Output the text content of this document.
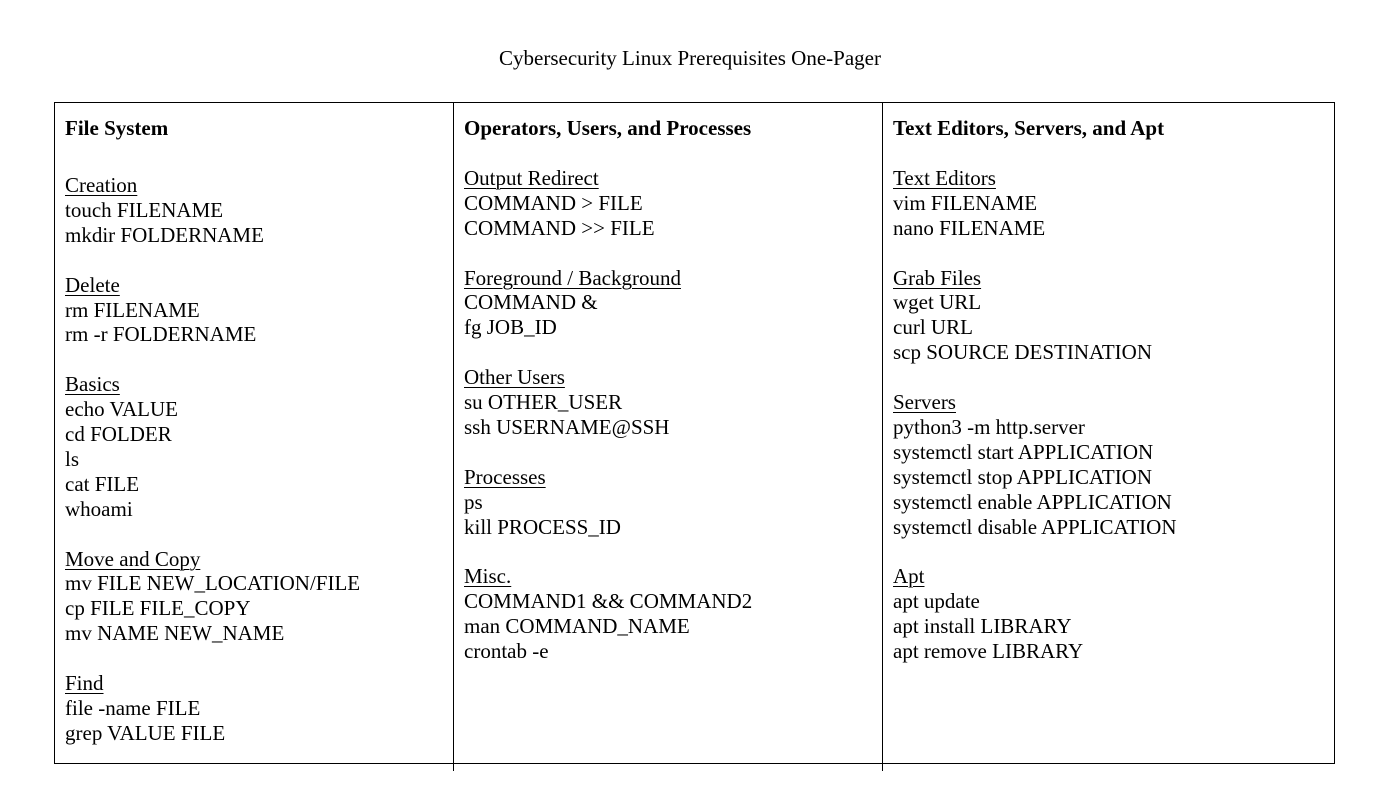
Cybersecurity Linux Prerequisites One-Pager
File System
Creation
touch FILENAME
mkdir FOLDERNAME
Delete
rm FILENAME
rm -r FOLDERNAME
Basics
echo VALUE
cd FOLDER
ls
cat FILE
whoami
Move and Copy
mv FILE NEW_LOCATION/FILE
cp FILE FILE_COPY
mv NAME NEW_NAME
Find
file -name FILE
grep VALUE FILE
Operators, Users, and Processes
Output Redirect
COMMAND > FILE
COMMAND >> FILE
Foreground / Background
COMMAND &
fg JOB_ID
Other Users
su OTHER_USER
ssh USERNAME@SSH
Processes
ps
kill PROCESS_ID
Misc.
COMMAND1 && COMMAND2
man COMMAND_NAME
crontab -e
Text Editors, Servers, and Apt
Text Editors
vim FILENAME
nano FILENAME
Grab Files
wget URL
curl URL
scp SOURCE DESTINATION
Servers
python3 -m http.server
systemctl start APPLICATION
systemctl stop APPLICATION
systemctl enable APPLICATION
systemctl disable APPLICATION
Apt
apt update
apt install LIBRARY
apt remove LIBRARY
